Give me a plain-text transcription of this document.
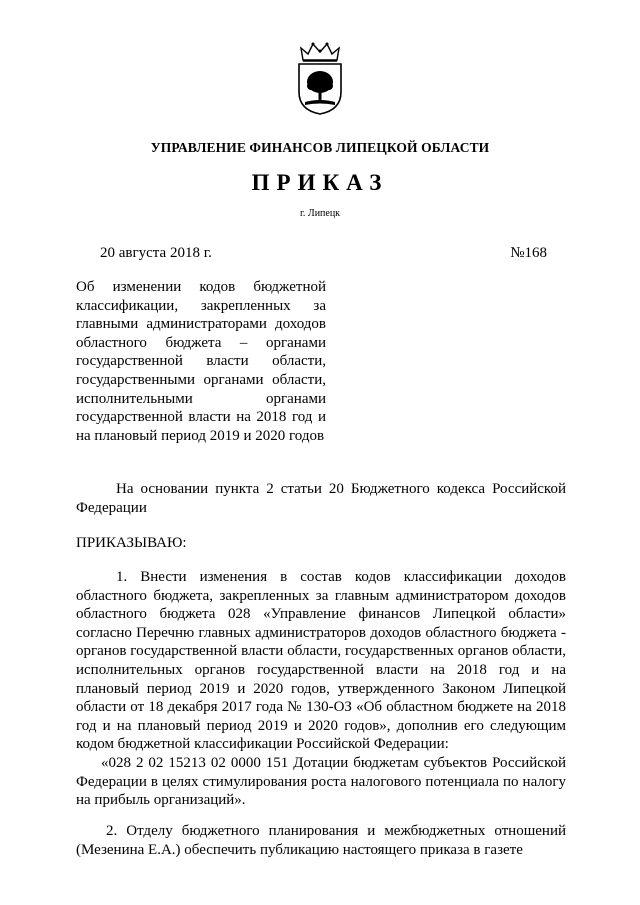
УПРАВЛЕНИЕ ФИНАНСОВ ЛИПЕЦКОЙ ОБЛАСТИ
ПРИКАЗ
г. Липецк
20 августа 2018 г.	№168
Об изменении кодов бюджетной классификации, закрепленных за главными администраторами доходов областного бюджета – органами государственной власти области, государственными органами области, исполнительными органами государственной власти на 2018 год и на плановый период 2019 и 2020 годов
На основании пункта 2 статьи 20 Бюджетного кодекса Российской Федерации
ПРИКАЗЫВАЮ:
1. Внести изменения в состав кодов классификации доходов областного бюджета, закрепленных за главным администратором доходов областного бюджета 028 «Управление финансов Липецкой области» согласно Перечню главных администраторов доходов областного бюджета - органов государственной власти области, государственных органов области, исполнительных органов государственной власти на 2018 год и на плановый период 2019 и 2020 годов, утвержденного Законом Липецкой области от 18 декабря 2017 года № 130-ОЗ «Об областном бюджете на 2018 год и на плановый период 2019 и 2020 годов», дополнив его следующим кодом бюджетной классификации Российской Федерации:
«028 2 02 15213 02 0000 151 Дотации бюджетам субъектов Российской Федерации в целях стимулирования роста налогового потенциала по налогу на прибыль организаций».
2. Отделу бюджетного планирования и межбюджетных отношений (Мезенина Е.А.) обеспечить публикацию настоящего приказа в газете
